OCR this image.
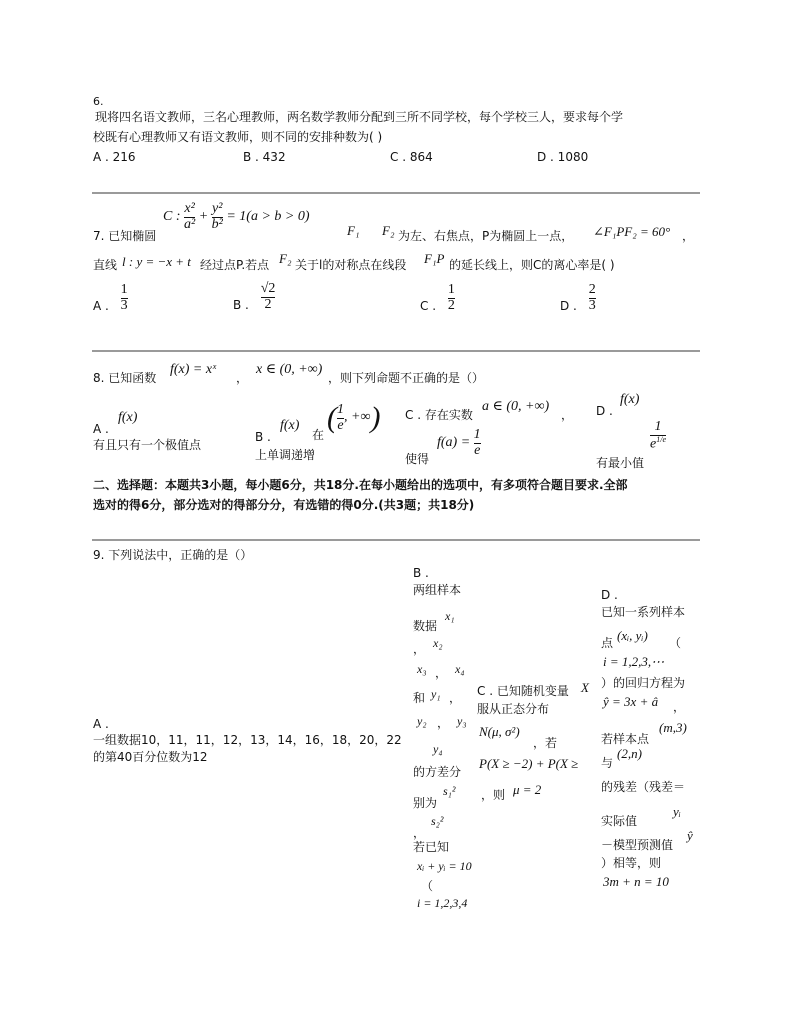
6.
现将四名语文教师，三名心理教师，两名数学教师分配到三所不同学校，每个学校三人，要求每个学
校既有心理教师又有语文教师，则不同的安排种数为( )
A . 216	B . 432	C . 864	D . 1080
7. 已知椭圆
C : $\frac{\text{x²}}{\text{a²}} + \frac{\text{y²}}{\text{b²}} = 1(a > b > 0)$
F₁ F₂ 为左、右焦点，P为椭圆上一点， ∠F₁PF₂ = 60° ，
直线 l : y = −x + t 经过点P.若点 F₂ 关于l的对称点在线段 F₁P 的延长线上，则C的离心率是( )
A . $\frac{1}{3}$	B . $\frac{√2}{2}$	C . $\frac{1}{2}$	D . $\frac{2}{3}$
8. 已知函数
f(x) = xˣ
，
x ∈ (0, +∞)
，则下列命题不正确的是（）
A .
f(x)
有且只有一个极值点
B .
f(x)
在
( $\frac{1}{e}$ , +∞)
上单调递增
C . 存在实数
a ∈ (0, +∞)
，
使得
$f(a) = \frac{1}{e}$
D .
f(x)
有最小值
$\frac{1}{e^{1/e}}$
二、选择题：本题共3小题，每小题6分，共18分.在每小题给出的选项中，有多项符合题目要求.全部
选对的得6分，部分选对的得部分分，有选错的得0分.(共3题；共18分)
9. 下列说法中，正确的是（）
A .
一组数据10，11，11，12，13，14，16，18，20，22
的第40百分位数为12
B .
两组样本
数据
x₁
， x₂
x₃ ， x₄
和 y₁ ，
y₂ ， y₃
y₄
的方差分
别为
s₁²
，
s₂²
若已知
xᵢ + yᵢ = 10
（
i = 1,2,3,4
C . 已知随机变量 X
服从正态分布
N(μ, σ²)
，若
P(X ≥ −2) + P(X ≥
，则 μ = 2
D .
已知一系列样本
点 (xᵢ, yᵢ) （
i = 1,2,3,⋯
）的回归方程为
ŷ = 3x + â ，
若样本点
(m,3)
与
(2,n)
的残差（残差＝
实际值
yᵢ
－模型预测值
ŷ
）相等，则
3m + n = 10
